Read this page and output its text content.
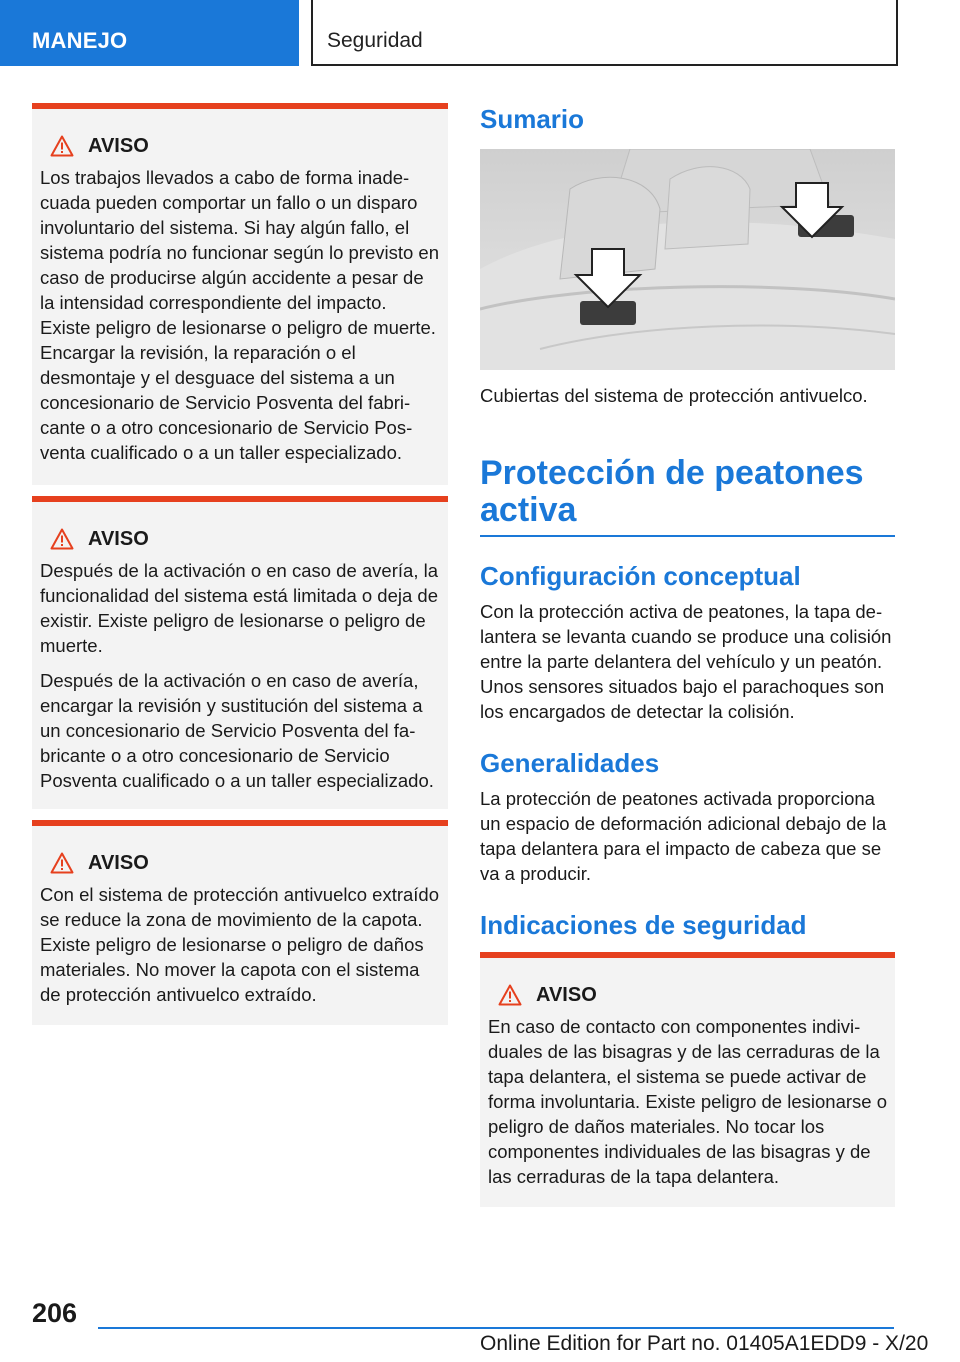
MANEJO	Seguridad
AVISO

Los trabajos llevados a cabo de forma inadecuada pueden comportar un fallo o un disparo involuntario del sistema. Si hay algún fallo, el sistema podría no funcionar según lo previsto en caso de producirse algún accidente a pesar de la intensidad correspondiente del impacto. Existe peligro de lesionarse o peligro de muerte. Encargar la revisión, la reparación o el desmontaje y el desguace del sistema a un concesionario de Servicio Posventa del fabricante o a otro concesionario de Servicio Posventa cualificado o a un taller especializado.

AVISO

Después de la activación o en caso de avería, la funcionalidad del sistema está limitada o deja de existir. Existe peligro de lesionarse o peligro de muerte.

Después de la activación o en caso de avería, encargar la revisión y sustitución del sistema a un concesionario de Servicio Posventa del fabricante o a otro concesionario de Servicio Posventa cualificado o a un taller especializado.

AVISO

Con el sistema de protección antivuelco extraído se reduce la zona de movimiento de la capota. Existe peligro de lesionarse o peligro de daños materiales. No mover la capota con el sistema de protección antivuelco extraído.

Sumario

Cubiertas del sistema de protección antivuelco.

Protección de peatones activa
Configuración conceptual

Con la protección activa de peatones, la tapa delantera se levanta cuando se produce una colisión entre la parte delantera del vehículo y un peatón. Unos sensores situados bajo el parachoques son los encargados de detectar la colisión.

Generalidades

La protección de peatones activada proporciona un espacio de deformación adicional debajo de la tapa delantera para el impacto de cabeza que se va a producir.

Indicaciones de seguridad
AVISO

En caso de contacto con componentes individuales de las bisagras y de las cerraduras de la tapa delantera, el sistema se puede activar de forma involuntaria. Existe peligro de lesionarse o peligro de daños materiales. No tocar los componentes individuales de las bisagras y de las cerraduras de la tapa delantera.

206
Online Edition for Part no. 01405A1EDD9 - X/20
